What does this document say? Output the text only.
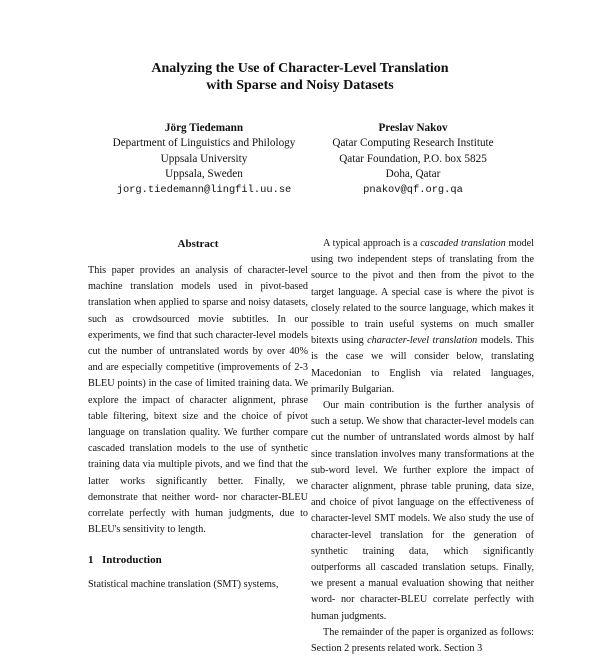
Analyzing the Use of Character-Level Translation
with Sparse and Noisy Datasets
Jörg Tiedemann
Department of Linguistics and Philology
Uppsala University
Uppsala, Sweden
jorg.tiedemann@lingfil.uu.se
Preslav Nakov
Qatar Computing Research Institute
Qatar Foundation, P.O. box 5825
Doha, Qatar
pnakov@qf.org.qa
Abstract
This paper provides an analysis of character-level machine translation models used in pivot-based translation when applied to sparse and noisy datasets, such as crowdsourced movie subtitles. In our experiments, we find that such character-level models cut the number of untranslated words by over 40% and are especially competitive (improvements of 2-3 BLEU points) in the case of limited training data. We explore the impact of character alignment, phrase table filtering, bitext size and the choice of pivot language on translation quality. We further compare cascaded translation models to the use of synthetic training data via multiple pivots, and we find that the latter works significantly better. Finally, we demonstrate that neither word- nor character-BLEU correlate perfectly with human judgments, due to BLEU's sensitivity to length.
1 Introduction
Statistical machine translation (SMT) systems,

A typical approach is a cascaded translation model using two independent steps of translating from the source to the pivot and then from the pivot to the target language. A special case is where the pivot is closely related to the source language, which makes it possible to train useful systems on much smaller bitexts using character-level translation models. This is the case we will consider below, translating Macedonian to English via related languages, primarily Bulgarian.

Our main contribution is the further analysis of such a setup. We show that character-level models can cut the number of untranslated words almost by half since translation involves many transformations at the sub-word level. We further explore the impact of character alignment, phrase table pruning, data size, and choice of pivot language on the effectiveness of character-level SMT models. We also study the use of character-level translation for the generation of synthetic training data, which significantly outperforms all cascaded translation setups. Finally, we present a manual evaluation showing that neither word- nor character-BLEU correlate perfectly with human judgments.

The remainder of the paper is organized as follows: Section 2 presents related work. Section 3
